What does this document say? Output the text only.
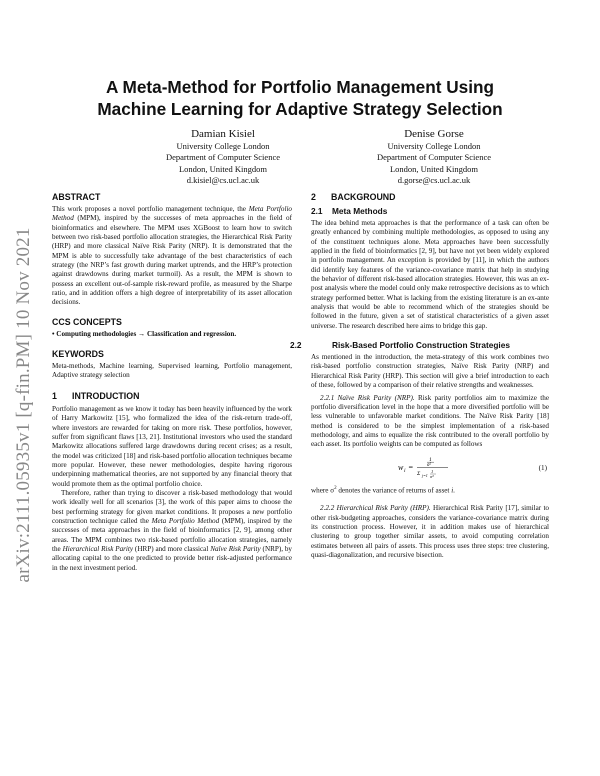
arXiv:2111.05935v1 [q-fin.PM] 10 Nov 2021
A Meta-Method for Portfolio Management Using
Machine Learning for Adaptive Strategy Selection
Damian Kisiel
University College London
Department of Computer Science
London, United Kingdom
d.kisiel@cs.ucl.ac.uk
Denise Gorse
University College London
Department of Computer Science
London, United Kingdom
d.gorse@cs.ucl.ac.uk
ABSTRACT

This work proposes a novel portfolio management technique, the Meta Portfolio Method (MPM), inspired by the successes of meta approaches in the field of bioinformatics and elsewhere. The MPM uses XGBoost to learn how to switch between two risk-based portfolio allocation strategies, the Hierarchical Risk Parity (HRP) and more classical Naïve Risk Parity (NRP). It is demonstrated that the MPM is able to successfully take advantage of the best characteristics of each strategy (the NRP’s fast growth during market uptrends, and the HRP’s protection against drawdowns during market turmoil). As a result, the MPM is shown to possess an excellent out-of-sample risk-reward profile, as measured by the Sharpe ratio, and in addition offers a high degree of interpretability of its asset allocation decisions.

CCS CONCEPTS

• Computing methodologies → Classification and regression.

KEYWORDS

Meta-methods, Machine learning, Supervised learning, Portfolio management, Adaptive strategy selection

1 INTRODUCTION

Portfolio management as we know it today has been heavily influenced by the work of Harry Markowitz [15], who formalized the idea of the risk-return trade-off, where investors are rewarded for taking on more risk. These portfolios, however, suffer from significant flaws [13, 21]. Institutional investors who used the standard Markowitz allocations suffered large drawdowns during recent crises; as a result, the model was criticized [18] and risk-based portfolio allocation techniques became more popular. However, these newer methodologies, despite having rigorous underpinning mathematical theories, are not supported by any financial theory that would promote them as the optimal portfolio choice.

Therefore, rather than trying to discover a risk-based methodology that would work ideally well for all scenarios [3], the work of this paper aims to choose the best performing strategy for given market conditions. It proposes a new portfolio construction technique called the Meta Portfolio Method (MPM), inspired by the successes of meta approaches in the field of bioinformatics [2, 9], among other areas. The MPM combines two risk-based portfolio allocation strategies, namely the Hierarchical Risk Parity (HRP) and more classical Naïve Risk Parity (NRP), by allocating capital to the one predicted to provide better risk-adjusted performance in the next investment period.

2 BACKGROUND
2.1 Meta Methods

The idea behind meta approaches is that the performance of a task can often be greatly enhanced by combining multiple methodologies, as opposed to using any of the constituent techniques alone. Meta approaches have been successfully applied in the field of bioinformatics [2, 9], but have not yet been widely explored in portfolio management. An exception is provided by [11], in which the authors did identify key features of the variance-covariance matrix that help in studying the behavior of different risk-based allocation strategies. However, this was an ex-post analysis where the model could only make retrospective decisions as to which strategy performed better. What is lacking from the existing literature is an ex-ante analysis that would be able to recommend which of the strategies should be followed in the future, given a set of statistical characteristics of a given asset universe. The research described here aims to bridge this gap.

2.2	Risk-Based Portfolio Construction Strategies

As mentioned in the introduction, the meta-strategy of this work combines two risk-based portfolio construction strategies, Naïve Risk Parity (NRP) and Hierarchical Risk Parity (HRP). This section will give a brief introduction to each of these, followed by a comparison of their relative strengths and weaknesses.

2.2.1 Naïve Risk Parity (NRP). Risk parity portfolios aim to maximize the portfolio diversification level in the hope that a more diversified portfolio will be less vulnerable to unfavorable market conditions. The Naïve Risk Parity [18] method is considered to be the simplest implementation of a risk-based methodology, and aims to equalize the risk contributed to the overall portfolio by each asset. Its portfolio weights can be computed as follows

w i =
1
σ²
Σ j=1
1
σ²
(1)

where $\sigma^2$ denotes the variance of returns of asset i.

2.2.2 Hierarchical Risk Parity (HRP). Hierarchical Risk Parity [17], similar to other risk-budgeting approaches, considers the variance-covariance matrix during its construction process. However, it in addition makes use of hierarchical clustering to group together similar assets, to avoid computing correlation estimates between all pairs of assets. This process uses three steps: tree clustering, quasi-diagonalization, and recursive bisection.
